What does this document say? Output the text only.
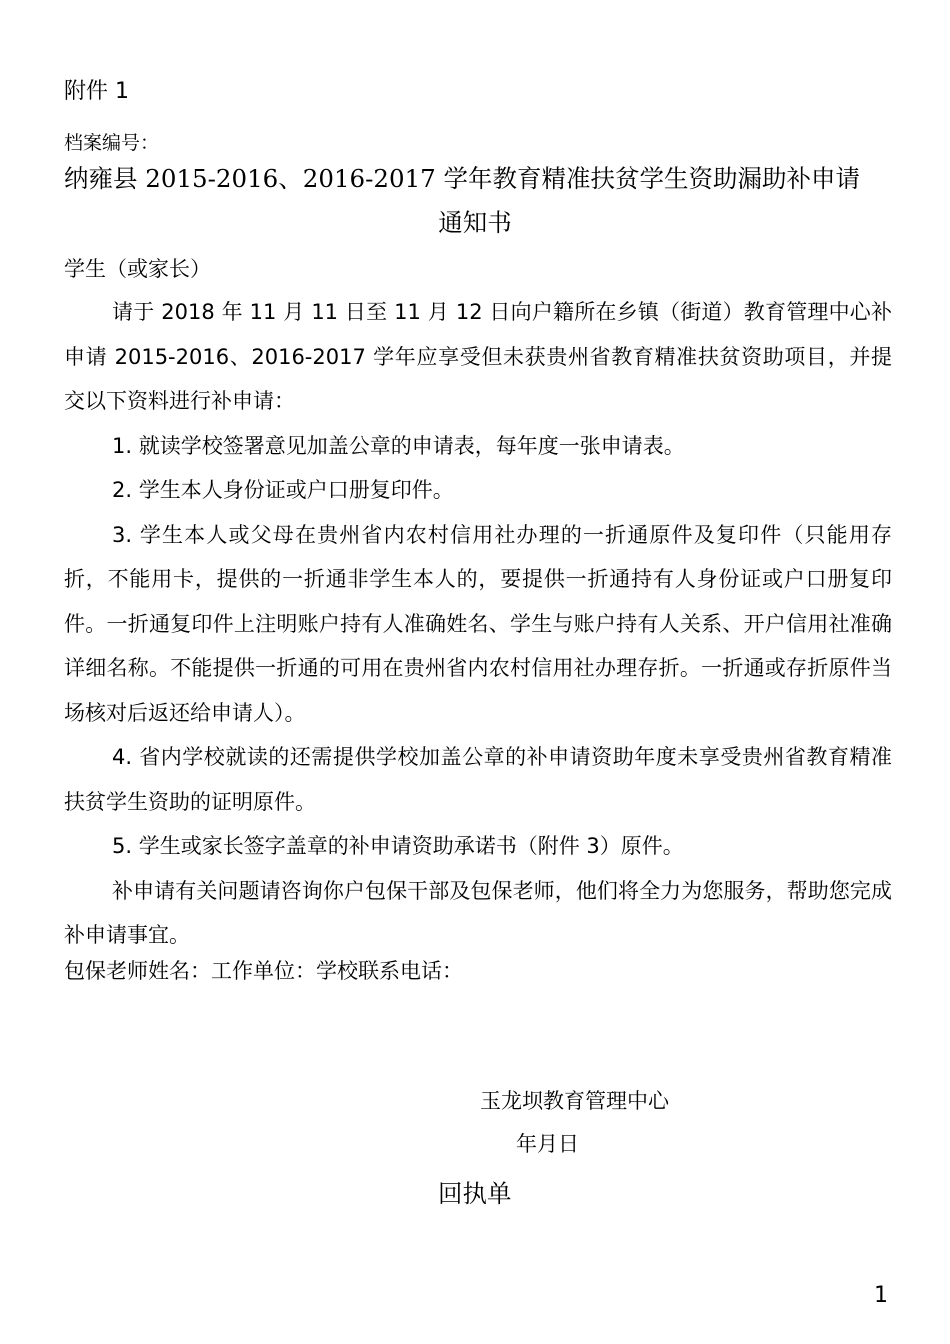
附件 1
档案编号：
纳雍县 2015-2016、2016-2017 学年教育精准扶贫学生资助漏助补申请
通知书
学生（或家长）

请于 2018 年 11 月 11 日至 11 月 12 日向户籍所在乡镇（街道）教育管理中心补申请 2015-2016、2016-2017 学年应享受但未获贵州省教育精准扶贫资助项目，并提交以下资料进行补申请：

1. 就读学校签署意见加盖公章的申请表，每年度一张申请表。

2. 学生本人身份证或户口册复印件。

3. 学生本人或父母在贵州省内农村信用社办理的一折通原件及复印件（只能用存折，不能用卡，提供的一折通非学生本人的，要提供一折通持有人身份证或户口册复印件。一折通复印件上注明账户持有人准确姓名、学生与账户持有人关系、开户信用社准确详细名称。不能提供一折通的可用在贵州省内农村信用社办理存折。一折通或存折原件当场核对后返还给申请人）。

4. 省内学校就读的还需提供学校加盖公章的补申请资助年度未享受贵州省教育精准扶贫学生资助的证明原件。

5. 学生或家长签字盖章的补申请资助承诺书（附件 3）原件。

补申请有关问题请咨询你户包保干部及包保老师，他们将全力为您服务，帮助您完成补申请事宜。

包保老师姓名：工作单位：学校联系电话：
玉龙坝教育管理中心
年月日
回执单
1
